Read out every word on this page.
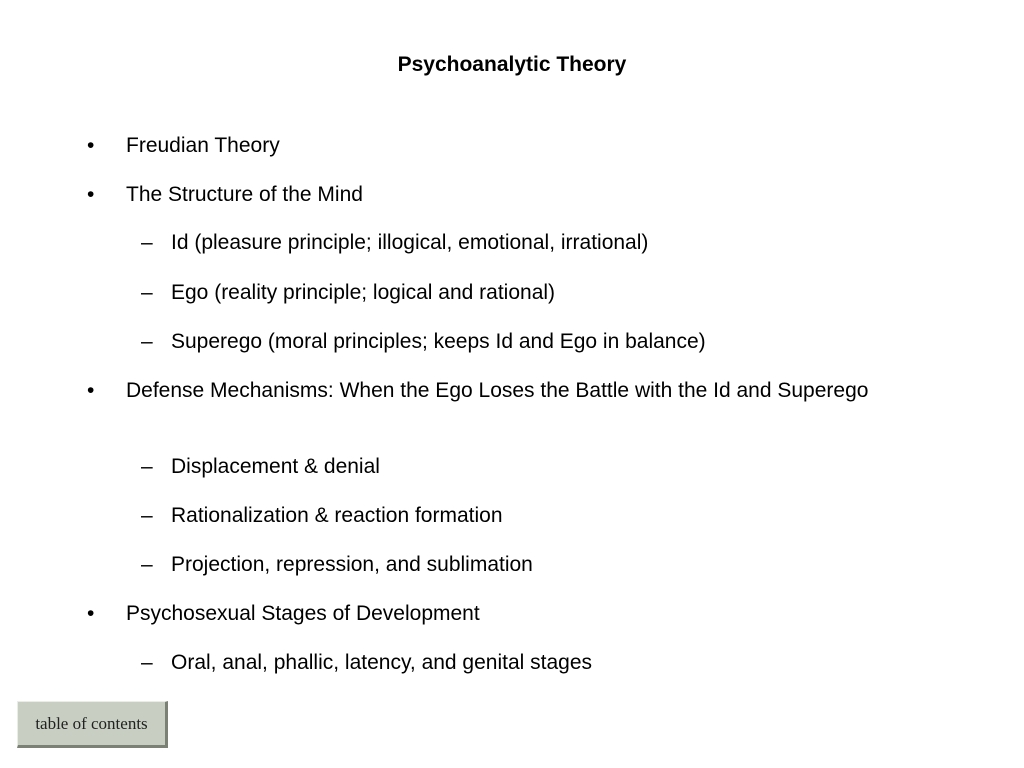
Psychoanalytic Theory
• Freudian Theory
• The Structure of the Mind
– Id (pleasure principle; illogical, emotional, irrational)
– Ego (reality principle; logical and rational)
– Superego (moral principles; keeps Id and Ego in balance)
• Defense Mechanisms: When the Ego Loses the Battle with the Id and Superego
– Displacement & denial
– Rationalization & reaction formation
– Projection, repression, and sublimation
• Psychosexual Stages of Development
– Oral, anal, phallic, latency, and genital stages
table of contents
